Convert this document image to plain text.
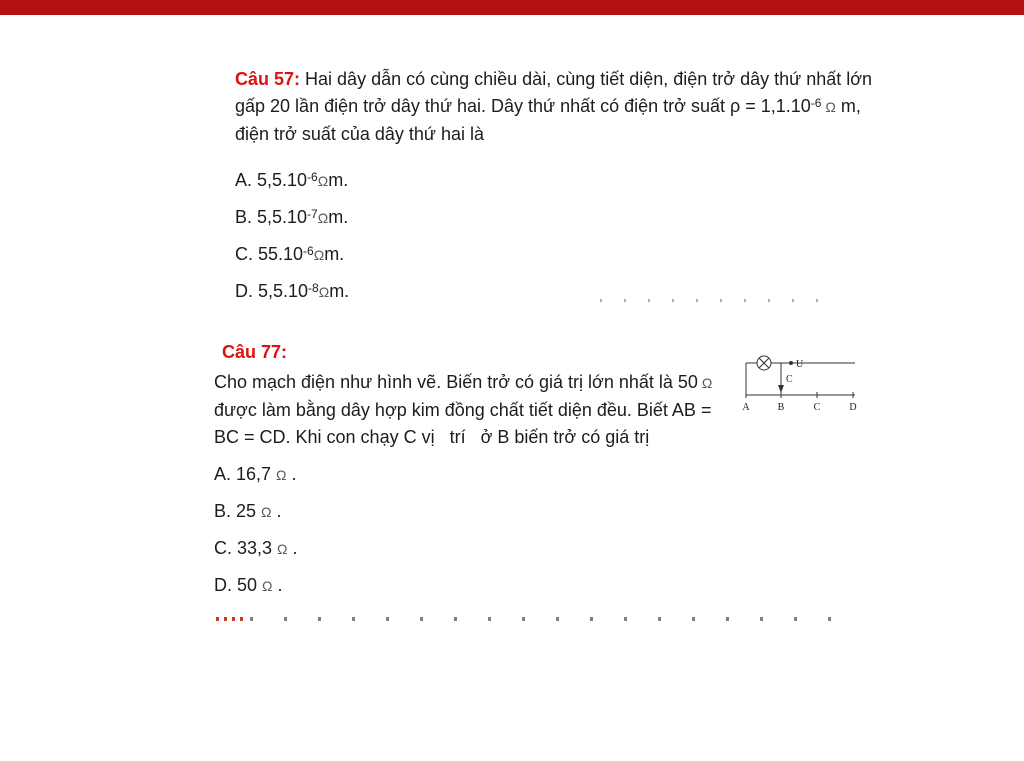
Câu 57: Hai dây dẫn có cùng chiều dài, cùng tiết diện, điện trở dây thứ nhất lớn gấp 20 lần điện trở dây thứ hai. Dây thứ nhất có điện trở suất $\rho = 1,1.10^{-6}$ Ω m, điện trở suất của dây thứ hai là

A. $5,5.10^{-6}\Omega m$.
B. $5,5.10^{-7}\Omega m$.
C. $55.10^{-6}\Omega m$.
D. $5,5.10^{-8}\Omega m$.
Câu 77:
U
C
A	B	C	D

Cho mạch điện như hình vẽ. Biến trở có giá trị lớn nhất là 50 Ω được làm bằng dây hợp kim đồng chất tiết diện đều. Biết AB = BC = CD. Khi con chạy C vị   trí   ở B biến trở có giá trị

A. 16,7 Ω .
B. 25 Ω .
C. 33,3 Ω .
D. 50 Ω .
